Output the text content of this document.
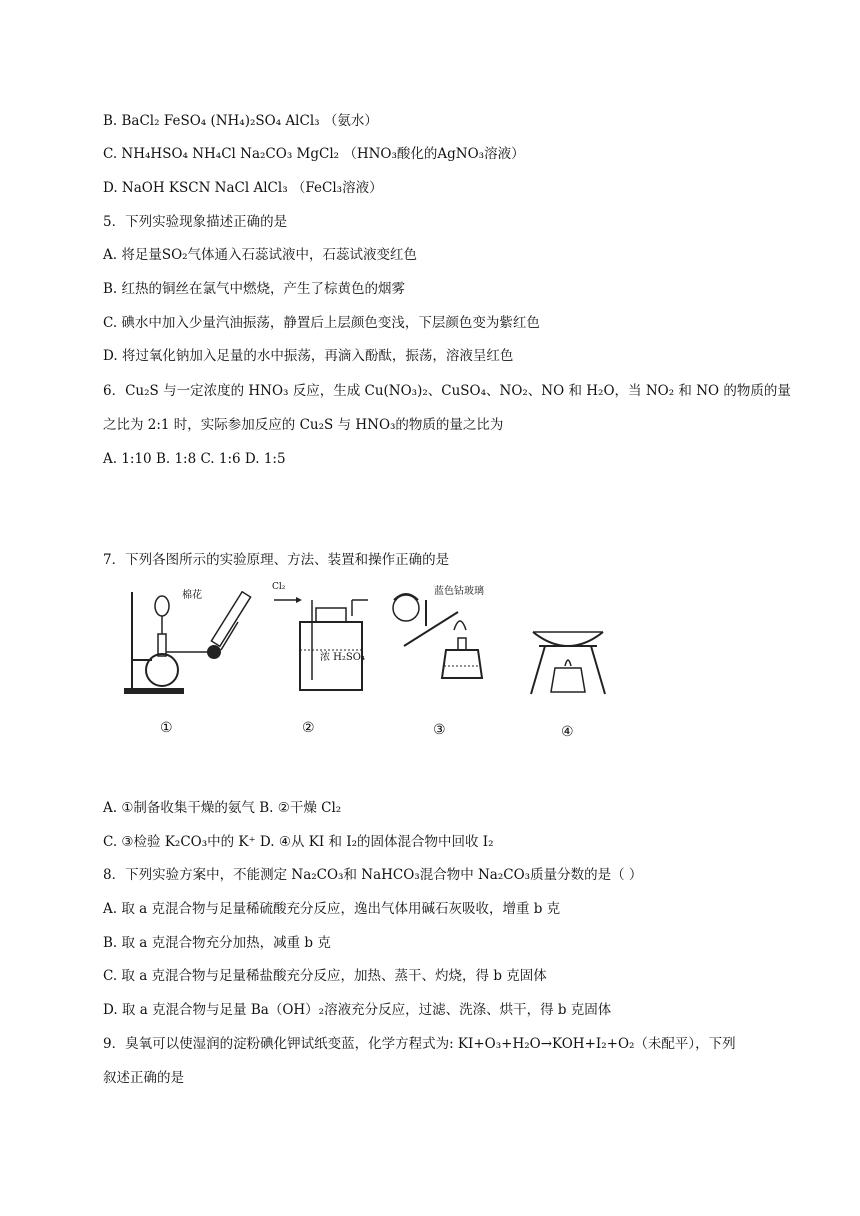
B. BaCl₂ FeSO₄ (NH₄)₂SO₄ AlCl₃ （氨水）
C. NH₄HSO₄ NH₄Cl Na₂CO₃ MgCl₂ （HNO₃酸化的AgNO₃溶液）
D. NaOH KSCN NaCl AlCl₃ （FeCl₃溶液）
5．下列实验现象描述正确的是
A. 将足量SO₂气体通入石蕊试液中，石蕊试液变红色
B. 红热的铜丝在氯气中燃烧，产生了棕黄色的烟雾
C. 碘水中加入少量汽油振荡，静置后上层颜色变浅，下层颜色变为紫红色
D. 将过氧化钠加入足量的水中振荡，再滴入酚酞，振荡，溶液呈红色
6．Cu₂S 与一定浓度的 HNO₃ 反应，生成 Cu(NO₃)₂、CuSO₄、NO₂、NO 和 H₂O，当 NO₂ 和 NO 的物质的量
之比为 2:1 时，实际参加反应的 Cu₂S 与 HNO₃的物质的量之比为
A. 1:10 B. 1:8 C. 1:6 D. 1:5
7．下列各图所示的实验原理、方法、装置和操作正确的是
棉花
Cl₂
浓 H₂SO₄
蓝色钴玻璃
①	②	③	④
A. ①制备收集干燥的氨气 B. ②干燥 Cl₂
C. ③检验 K₂CO₃中的 K⁺ D. ④从 KI 和 I₂的固体混合物中回收 I₂
8．下列实验方案中，不能测定 Na₂CO₃和 NaHCO₃混合物中 Na₂CO₃质量分数的是（ ）
A. 取 a 克混合物与足量稀硫酸充分反应，逸出气体用碱石灰吸收，增重 b 克
B. 取 a 克混合物充分加热，减重 b 克
C. 取 a 克混合物与足量稀盐酸充分反应，加热、蒸干、灼烧，得 b 克固体
D. 取 a 克混合物与足量 Ba（OH）₂溶液充分反应，过滤、洗涤、烘干，得 b 克固体
9．臭氧可以使湿润的淀粉碘化钾试纸变蓝，化学方程式为: KI+O₃+H₂O→KOH+I₂+O₂（未配平），下列
叙述正确的是
